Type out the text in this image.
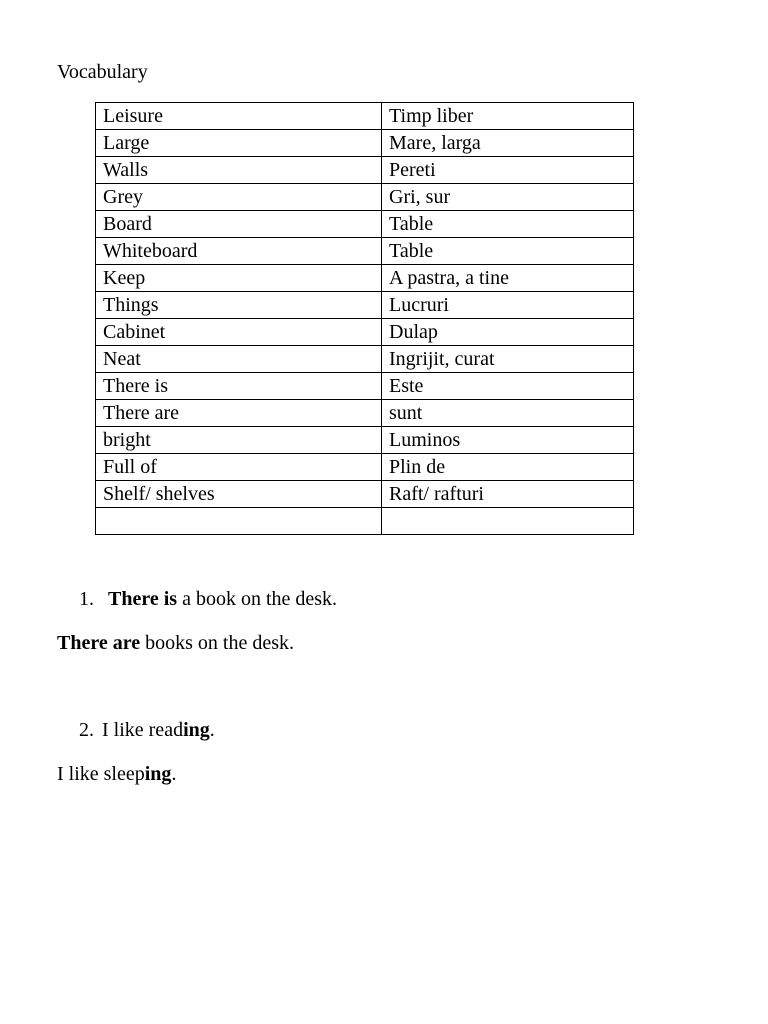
Vocabulary
Leisure	Timp liber
Large	Mare, larga
Walls	Pereti
Grey	Gri, sur
Board	Table
Whiteboard	Table
Keep	A pastra, a tine
Things	Lucruri
Cabinet	Dulap
Neat	Ingrijit, curat
There is	Este
There are	sunt
bright	Luminos
Full of	Plin de
Shelf/ shelves	Raft/ rafturi

1. There is a book on the desk.
There are books on the desk.
2. I like reading.
I like sleeping.
